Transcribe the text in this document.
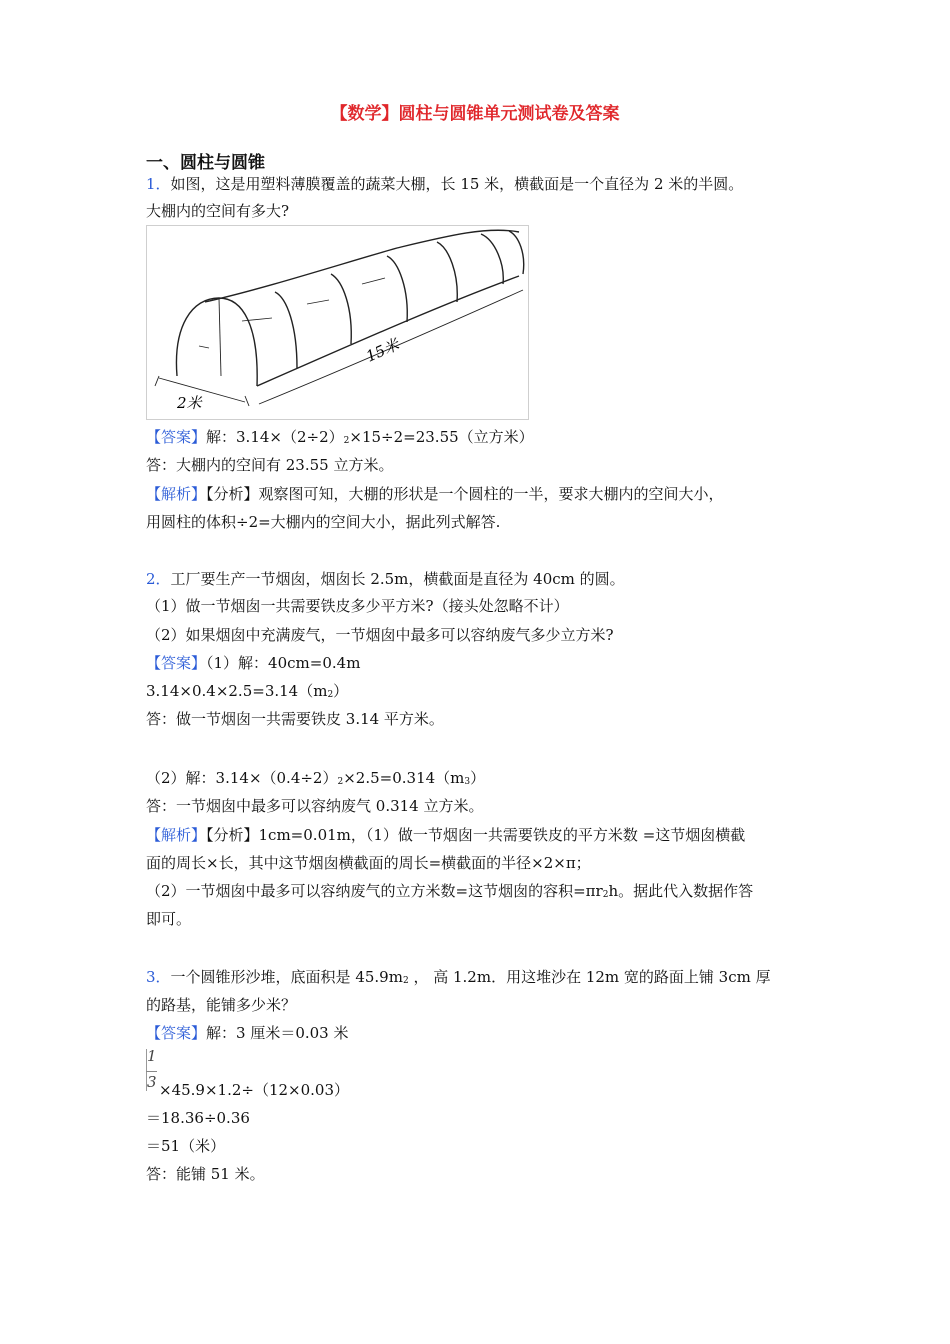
【数学】圆柱与圆锥单元测试卷及答案
一、圆柱与圆锥
1．如图，这是用塑料薄膜覆盖的蔬菜大棚，长 15 米，横截面是一个直径为 2 米的半圆。
大棚内的空间有多大?
2米
15米
【答案】解：$3.14\times(2\div 2)^2\times 15\div 2=23.55$（立方米）
答：大棚内的空间有 23.55 立方米。
【解析】【分析】观察图可知，大棚的形状是一个圆柱的一半，要求大棚内的空间大小，
用圆柱的体积÷2=大棚内的空间大小，据此列式解答.
2．工厂要生产一节烟囱，烟囱长 2.5m，横截面是直径为 40cm 的圆。
（1）做一节烟囱一共需要铁皮多少平方米?（接头处忽略不计）
（2）如果烟囱中充满废气，一节烟囱中最多可以容纳废气多少立方米?
【答案】（1）解：40cm=0.4m
$3.14\times 0.4\times 2.5=3.14(m^2)$
答：做一节烟囱一共需要铁皮 3.14 平方米。
（2）解：$3.14\times(0.4\div 2)^2\times 2.5=0.314(m^3)$
答：一节烟囱中最多可以容纳废气 0.314 立方米。
【解析】【分析】1cm=0.01m，（1）做一节烟囱一共需要铁皮的平方米数 =这节烟囱横截
面的周长×长，其中这节烟囱横截面的周长=横截面的半径×2×π；
（2）一节烟囱中最多可以容纳废气的立方米数=这节烟囱的容积$=\pi r^2h$。据此代入数据作答
即可。
3．一个圆锥形沙堆，底面积是 $45.9m^2$ ， 高 1.2m．用这堆沙在 12m 宽的路面上铺 3cm 厚
的路基，能铺多少米？
【答案】解：3 厘米＝0.03 米
1
3 ×45.9×1.2÷（12×0.03）
＝18.36÷0.36
＝51（米）
答：能铺 51 米。
